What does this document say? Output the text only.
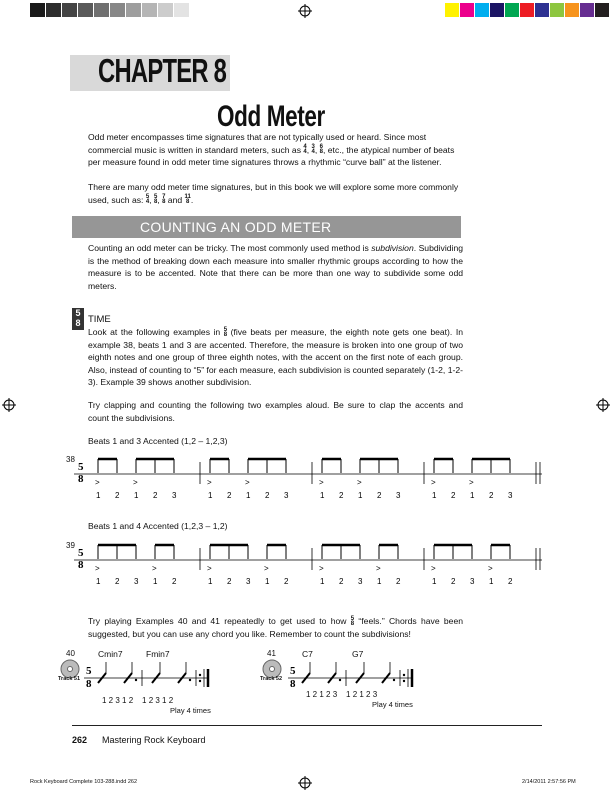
CHAPTER 8
Odd Meter
Odd meter encompasses time signatures that are not typically used or heard. Since most commercial music is written in standard meters, such as 4
4, 3
4, 6
8, etc., the atypical number of beats per measure found in odd meter time signatures throws a rhythmic “curve ball” at the listener.
There are many odd meter time signatures, but in this book we will explore some more commonly used, such as: 5
4, 5
8, 7
8 and 11
8 .
COUNTING AN ODD METER
Counting an odd meter can be tricky. The most commonly used method is subdivision. Subdividing is the method of breaking down each measure into smaller rhythmic groups according to how the measure is to be accented. Note that there can be more than one way to subdivide some odd meters.
5
8 TIME
Look at the following examples in 5
8 (five beats per measure, the eighth note gets one beat). In example 38, beats 1 and 3 are accented. Therefore, the measure is broken into one group of two eighth notes and one group of three eighth notes, with the accent on the first note of each group. Also, instead of counting to “5” for each measure, each subdivision is counted separately (1-2, 1-2-3). Example 39 shows another subdivision.
Try clapping and counting the following two examples aloud. Be sure to clap the accents and count the subdivisions.
Beats 1 and 3 Accented (1,2 – 1,2,3)
38
5
8
1
>
2 1
>
2 3	1
>
2 1
>
2 3	1
>
2 1
>
2 3	1
>
2 1
>
2 3
Beats 1 and 4 Accented (1,2,3 – 1,2)
39
5
8
1
>
2 3 1
>
2	1
>
2 3 1
>
2	1
>
2 3 1
>
2	1
>
2 3 1
>
2
Try playing Examples 40 and 41 repeatedly to get used to how 5
8 “feels.” Chords have been suggested, but you can use any chord you like. Remember to count the subdivisions!
40
Track 51
Cmin7	Fmin7
5
8
1 2 3 1 2    1 2 3 1 2
Play 4 times
41
Track 52
C7	G7
5
8
1 2 1 2 3    1 2 1 2 3
Play 4 times
262 Mastering Rock Keyboard
Rock Keyboard Complete 103-288.indd 262	2/14/2011 2:57:56 PM
